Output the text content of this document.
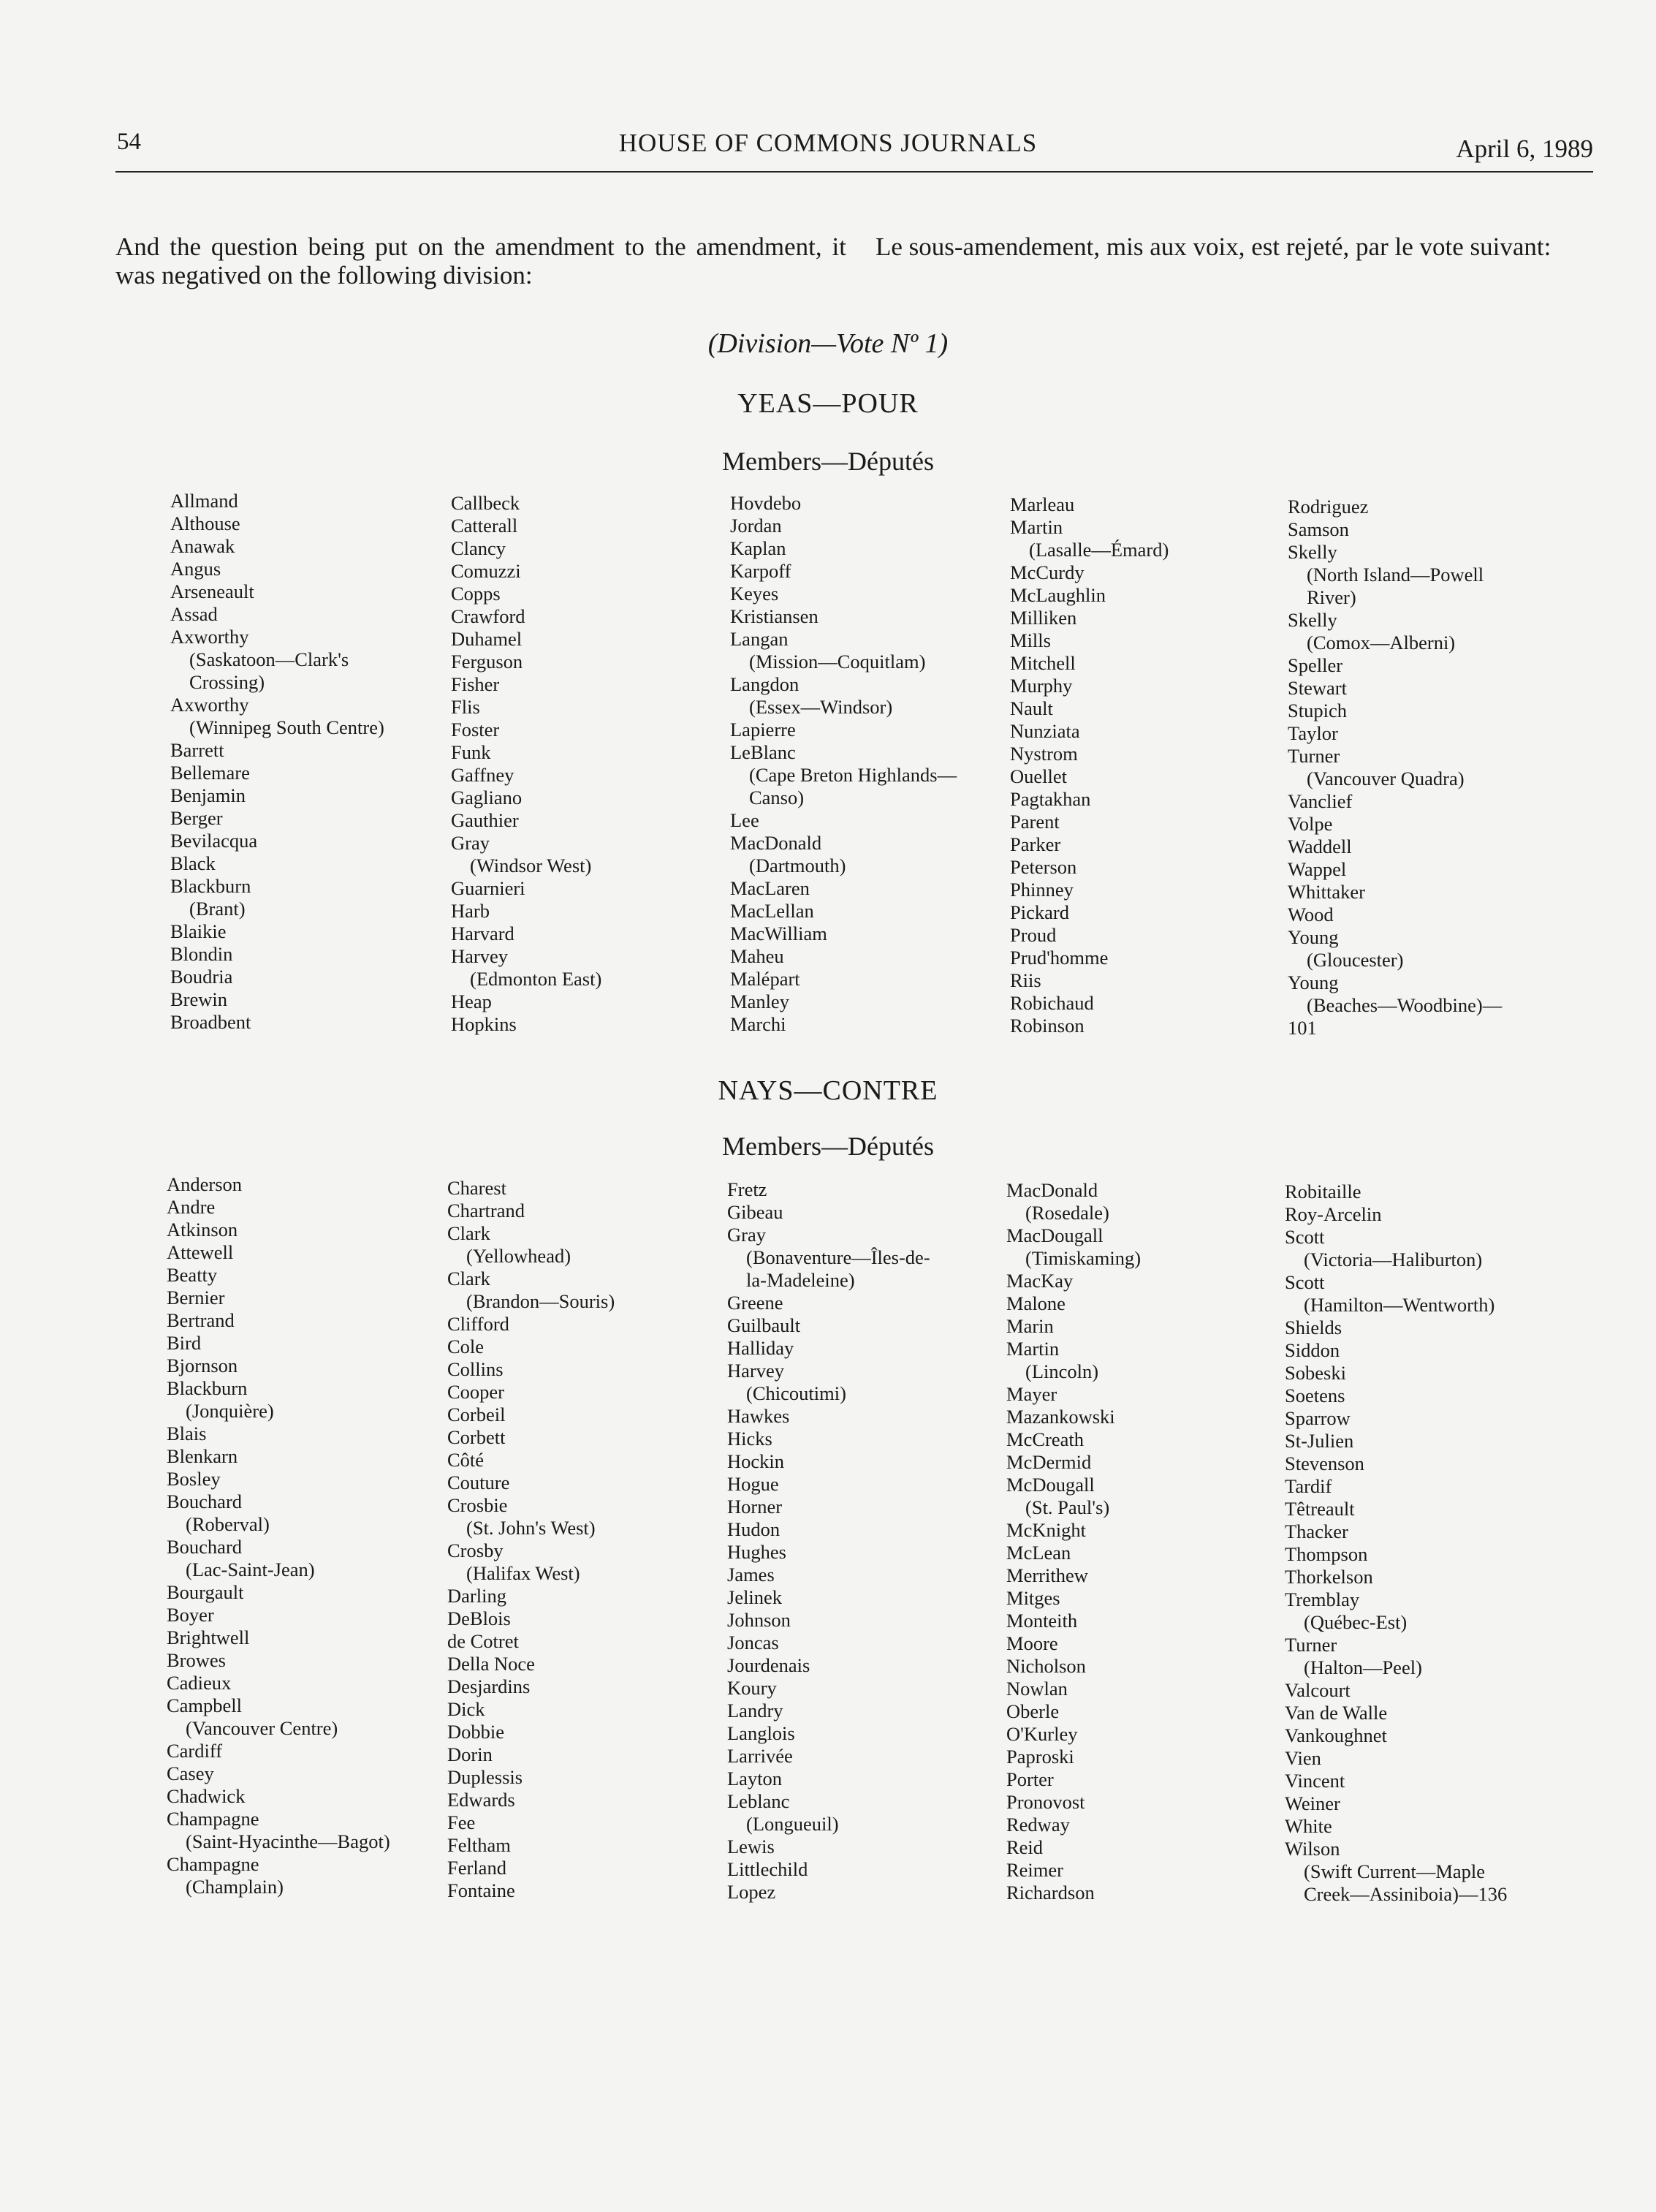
54	HOUSE OF COMMONS JOURNALS	April 6, 1989
And the question being put on the amendment to the amendment, it was negatived on the following division:
Le sous-amendement, mis aux voix, est rejeté, par le vote suivant:
(Division—Vote Nº 1)
YEAS—POUR
Members—Députés
Allmand
Althouse
Anawak
Angus
Arseneault
Assad
Axworthy
(Saskatoon—Clark's
Crossing)
Axworthy
(Winnipeg South Centre)
Barrett
Bellemare
Benjamin
Berger
Bevilacqua
Black
Blackburn
(Brant)
Blaikie
Blondin
Boudria
Brewin
Broadbent
Callbeck
Catterall
Clancy
Comuzzi
Copps
Crawford
Duhamel
Ferguson
Fisher
Flis
Foster
Funk
Gaffney
Gagliano
Gauthier
Gray
(Windsor West)
Guarnieri
Harb
Harvard
Harvey
(Edmonton East)
Heap
Hopkins
Hovdebo
Jordan
Kaplan
Karpoff
Keyes
Kristiansen
Langan
(Mission—Coquitlam)
Langdon
(Essex—Windsor)
Lapierre
LeBlanc
(Cape Breton Highlands—
Canso)
Lee
MacDonald
(Dartmouth)
MacLaren
MacLellan
MacWilliam
Maheu
Malépart
Manley
Marchi
Marleau
Martin
(Lasalle—Émard)
McCurdy
McLaughlin
Milliken
Mills
Mitchell
Murphy
Nault
Nunziata
Nystrom
Ouellet
Pagtakhan
Parent
Parker
Peterson
Phinney
Pickard
Proud
Prud'homme
Riis
Robichaud
Robinson
Rodriguez
Samson
Skelly
(North Island—Powell
River)
Skelly
(Comox—Alberni)
Speller
Stewart
Stupich
Taylor
Turner
(Vancouver Quadra)
Vanclief
Volpe
Waddell
Wappel
Whittaker
Wood
Young
(Gloucester)
Young
(Beaches—Woodbine)—
101
NAYS—CONTRE
Members—Députés
Anderson
Andre
Atkinson
Attewell
Beatty
Bernier
Bertrand
Bird
Bjornson
Blackburn
(Jonquière)
Blais
Blenkarn
Bosley
Bouchard
(Roberval)
Bouchard
(Lac-Saint-Jean)
Bourgault
Boyer
Brightwell
Browes
Cadieux
Campbell
(Vancouver Centre)
Cardiff
Casey
Chadwick
Champagne
(Saint-Hyacinthe—Bagot)
Champagne
(Champlain)
Charest
Chartrand
Clark
(Yellowhead)
Clark
(Brandon—Souris)
Clifford
Cole
Collins
Cooper
Corbeil
Corbett
Côté
Couture
Crosbie
(St. John's West)
Crosby
(Halifax West)
Darling
DeBlois
de Cotret
Della Noce
Desjardins
Dick
Dobbie
Dorin
Duplessis
Edwards
Fee
Feltham
Ferland
Fontaine
Fretz
Gibeau
Gray
(Bonaventure—Îles-de-
la-Madeleine)
Greene
Guilbault
Halliday
Harvey
(Chicoutimi)
Hawkes
Hicks
Hockin
Hogue
Horner
Hudon
Hughes
James
Jelinek
Johnson
Joncas
Jourdenais
Koury
Landry
Langlois
Larrivée
Layton
Leblanc
(Longueuil)
Lewis
Littlechild
Lopez
MacDonald
(Rosedale)
MacDougall
(Timiskaming)
MacKay
Malone
Marin
Martin
(Lincoln)
Mayer
Mazankowski
McCreath
McDermid
McDougall
(St. Paul's)
McKnight
McLean
Merrithew
Mitges
Monteith
Moore
Nicholson
Nowlan
Oberle
O'Kurley
Paproski
Porter
Pronovost
Redway
Reid
Reimer
Richardson
Robitaille
Roy-Arcelin
Scott
(Victoria—Haliburton)
Scott
(Hamilton—Wentworth)
Shields
Siddon
Sobeski
Soetens
Sparrow
St-Julien
Stevenson
Tardif
Têtreault
Thacker
Thompson
Thorkelson
Tremblay
(Québec-Est)
Turner
(Halton—Peel)
Valcourt
Van de Walle
Vankoughnet
Vien
Vincent
Weiner
White
Wilson
(Swift Current—Maple
Creek—Assiniboia)—136
